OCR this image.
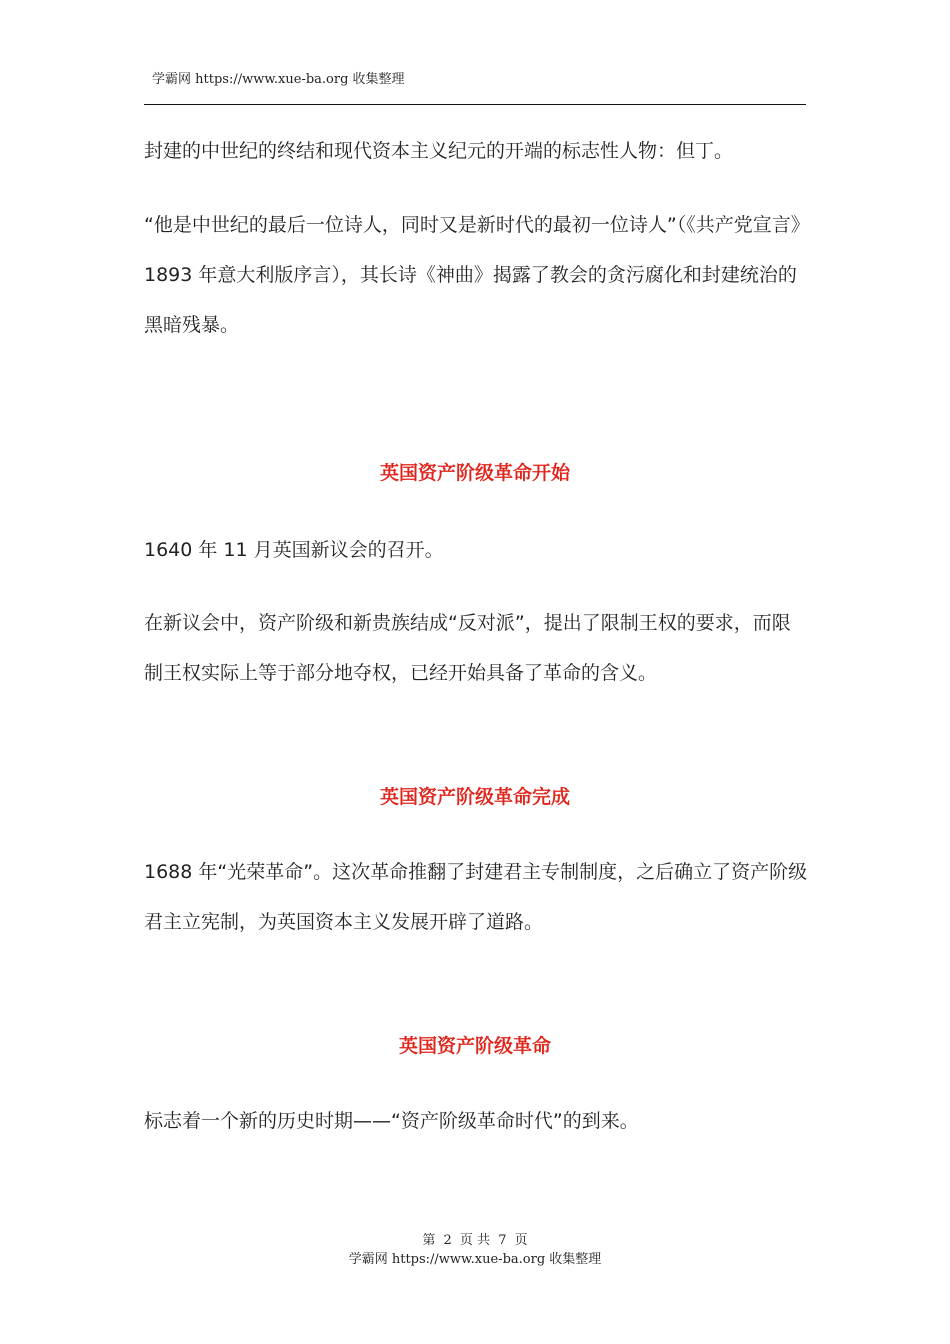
学霸网 https://www.xue-ba.org 收集整理

封建的中世纪的终结和现代资本主义纪元的开端的标志性人物：但丁。

“他是中世纪的最后一位诗人，同时又是新时代的最初一位诗人”（《共产党宣言》1893 年意大利版序言），其长诗《神曲》揭露了教会的贪污腐化和封建统治的黑暗残暴。

英国资产阶级革命开始

1640 年 11 月英国新议会的召开。

在新议会中，资产阶级和新贵族结成“反对派”，提出了限制王权的要求，而限制王权实际上等于部分地夺权，已经开始具备了革命的含义。

英国资产阶级革命完成

1688 年“光荣革命”。这次革命推翻了封建君主专制制度，之后确立了资产阶级君主立宪制，为英国资本主义发展开辟了道路。

英国资产阶级革命

标志着一个新的历史时期——“资产阶级革命时代”的到来。

第 2 页 共 7 页
学霸网 https://www.xue-ba.org 收集整理
